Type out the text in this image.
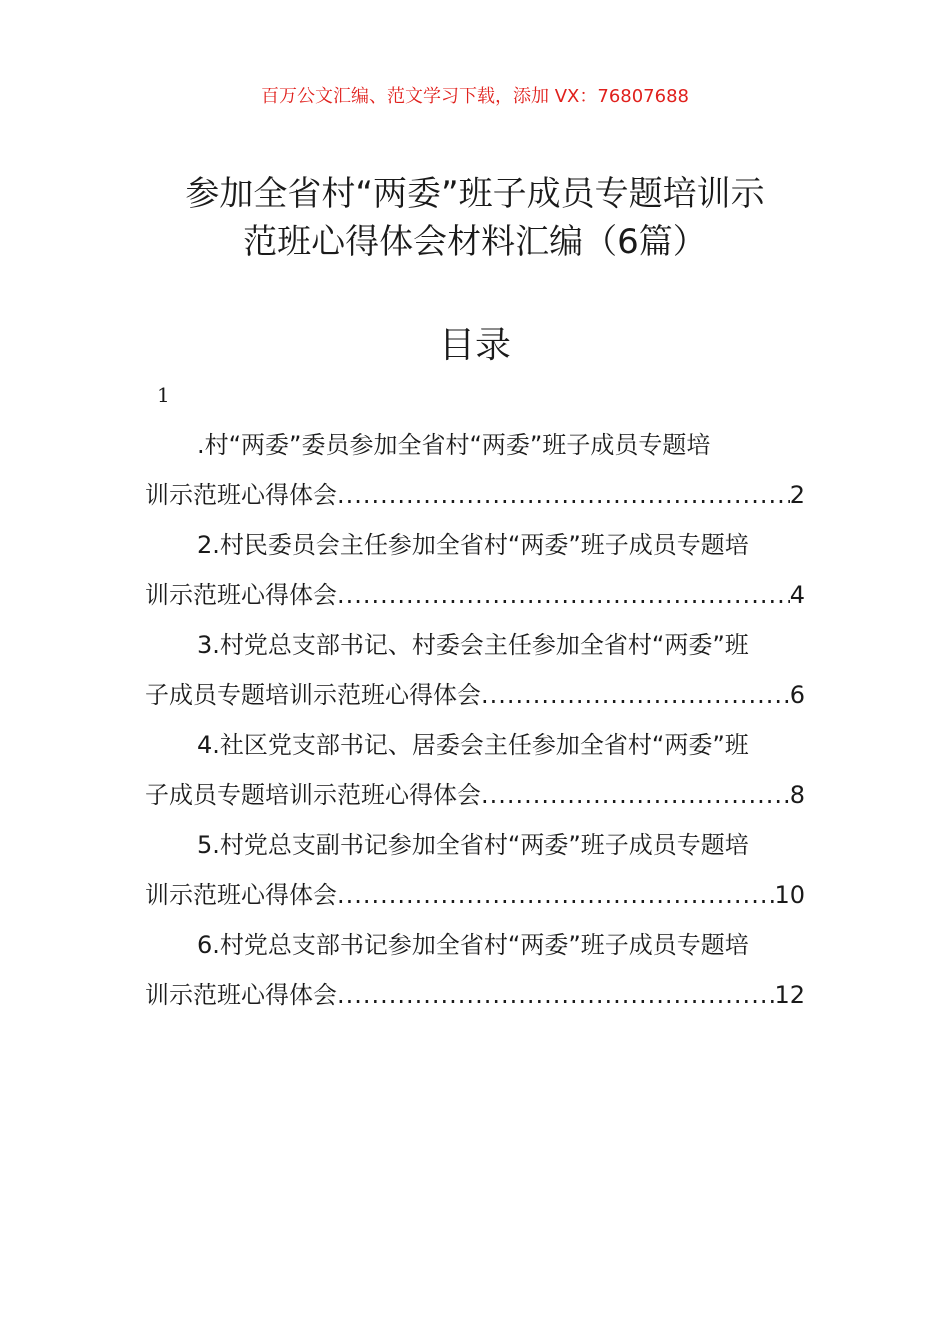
百万公文汇编、范文学习下载，添加 VX：76807688
参加全省村“两委”班子成员专题培训示
范班心得体会材料汇编（6篇）
目录
1
.村“两委”委员参加全省村“两委”班子成员专题培
训示范班心得体会 .....	2
2.村民委员会主任参加全省村“两委”班子成员专题培
训示范班心得体会 .....	4
3.村党总支部书记、村委会主任参加全省村“两委”班
子成员专题培训示范班心得体会 .....	6
4.社区党支部书记、居委会主任参加全省村“两委”班
子成员专题培训示范班心得体会 .....	8
5.村党总支副书记参加全省村“两委”班子成员专题培
训示范班心得体会 .....	10
6.村党总支部书记参加全省村“两委”班子成员专题培
训示范班心得体会 .....	12
